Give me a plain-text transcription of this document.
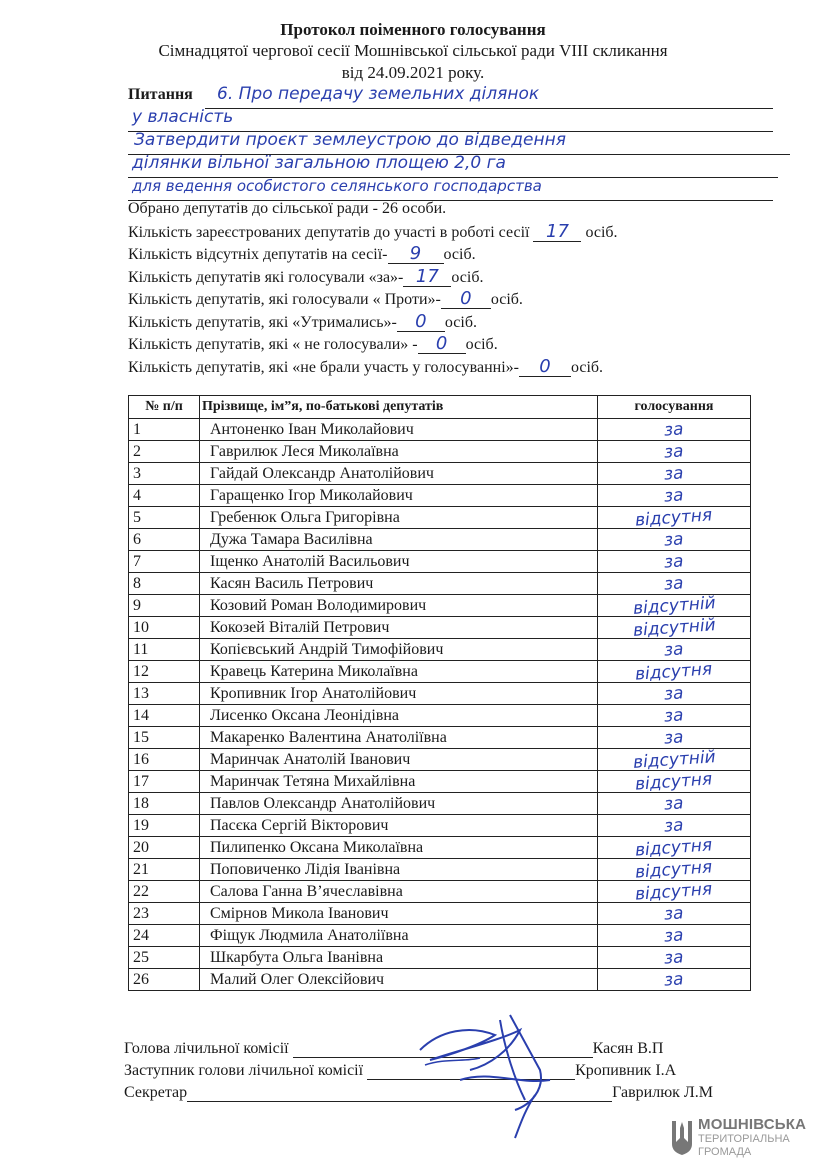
Протокол поіменного голосування
Сімнадцятої чергової сесії Мошнівської сільської ради VIII скликання
від 24.09.2021 року.
Питання	6. Про передачу земельних ділянок
у власність
Затвердити проєкт землеустрою до відведення
ділянки вільної загальною площею 2,0 га
для ведення особистого селянського господарства
Обрано депутатів до сільської ради - 26 особи.
Кількість зареєстрованих депутатів до участі в роботі сесії 17 осіб.
Кількість відсутніх депутатів на сесії- 9 осіб.
Кількість депутатів які голосували «за»- 17 осіб.
Кількість депутатів, які голосували « Проти»- 0 осіб.
Кількість депутатів, які «Утримались»- 0 осіб.
Кількість депутатів, які « не голосували» - 0 осіб.
Кількість депутатів, які «не брали участь у голосуванні»- 0 осіб.
№ п/п	Прізвище, ім”я, по-батькові депутатів	голосування
1	Антоненко Іван Миколайович	за
2	Гаврилюк Леся Миколаївна	за
3	Гайдай Олександр Анатолійович	за
4	Гаращенко Ігор Миколайович	за
5	Гребенюк Ольга Григорівна	відсутня
6	Дужа Тамара Василівна	за
7	Іщенко Анатолій Васильович	за
8	Касян Василь Петрович	за
9	Козовий Роман Володимирович	відсутній
10	Кокозей Віталій Петрович	відсутній
11	Копієвський Андрій Тимофійович	за
12	Кравець Катерина Миколаївна	відсутня
13	Кропивник Ігор Анатолійович	за
14	Лисенко Оксана Леонідівна	за
15	Макаренко Валентина Анатоліївна	за
16	Маринчак Анатолій Іванович	відсутній
17	Маринчак Тетяна Михайлівна	відсутня
18	Павлов Олександр Анатолійович	за
19	Пасєка Сергій Вікторович	за
20	Пилипенко Оксана Миколаївна	відсутня
21	Поповиченко Лідія Іванівна	відсутня
22	Салова Ганна В’ячеславівна	відсутня
23	Смірнов Микола Іванович	за
24	Фіщук Людмила Анатоліївна	за
25	Шкарбута Ольга Іванівна	за
26	Малий Олег Олексійович	за
Голова лічильної комісії	Касян В.П
Заступник голови лічильної комісії	Кропивник І.А
Секретар	Гаврилюк Л.М
МОШНІВСЬКА
ТЕРИТОРІАЛЬНА
ГРОМАДА
